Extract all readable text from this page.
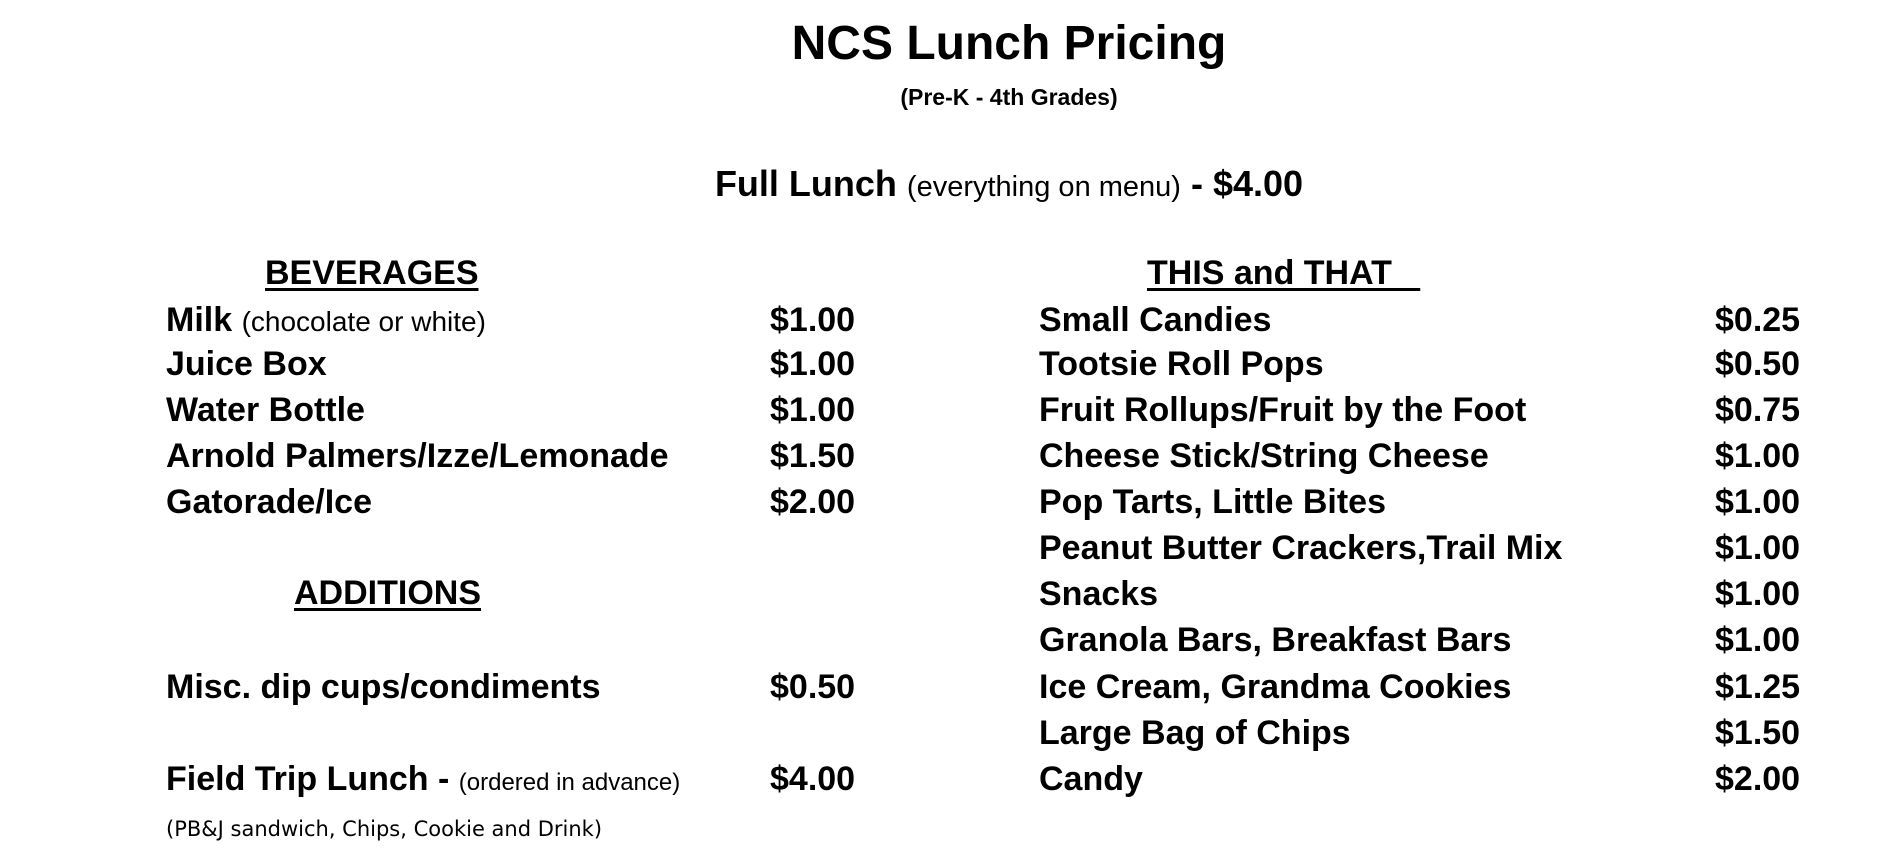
NCS Lunch Pricing
(Pre-K - 4th Grades)
Full Lunch (everything on menu) - $4.00
BEVERAGES
Milk (chocolate or white)	$1.00
Juice Box	$1.00
Water Bottle	$1.00
Arnold Palmers/Izze/Lemonade	$1.50
Gatorade/Ice	$2.00
ADDITIONS
Misc. dip cups/condiments	$0.50
Field Trip Lunch - (ordered in advance)	$4.00
(PB&J sandwich, Chips, Cookie and Drink)
THIS and THAT
Small Candies	$0.25
Tootsie Roll Pops	$0.50
Fruit Rollups/Fruit by the Foot	$0.75
Cheese Stick/String Cheese	$1.00
Pop Tarts, Little Bites	$1.00
Peanut Butter Crackers,Trail Mix	$1.00
Snacks	$1.00
Granola Bars, Breakfast Bars	$1.00
Ice Cream, Grandma Cookies	$1.25
Large Bag of Chips	$1.50
Candy	$2.00
